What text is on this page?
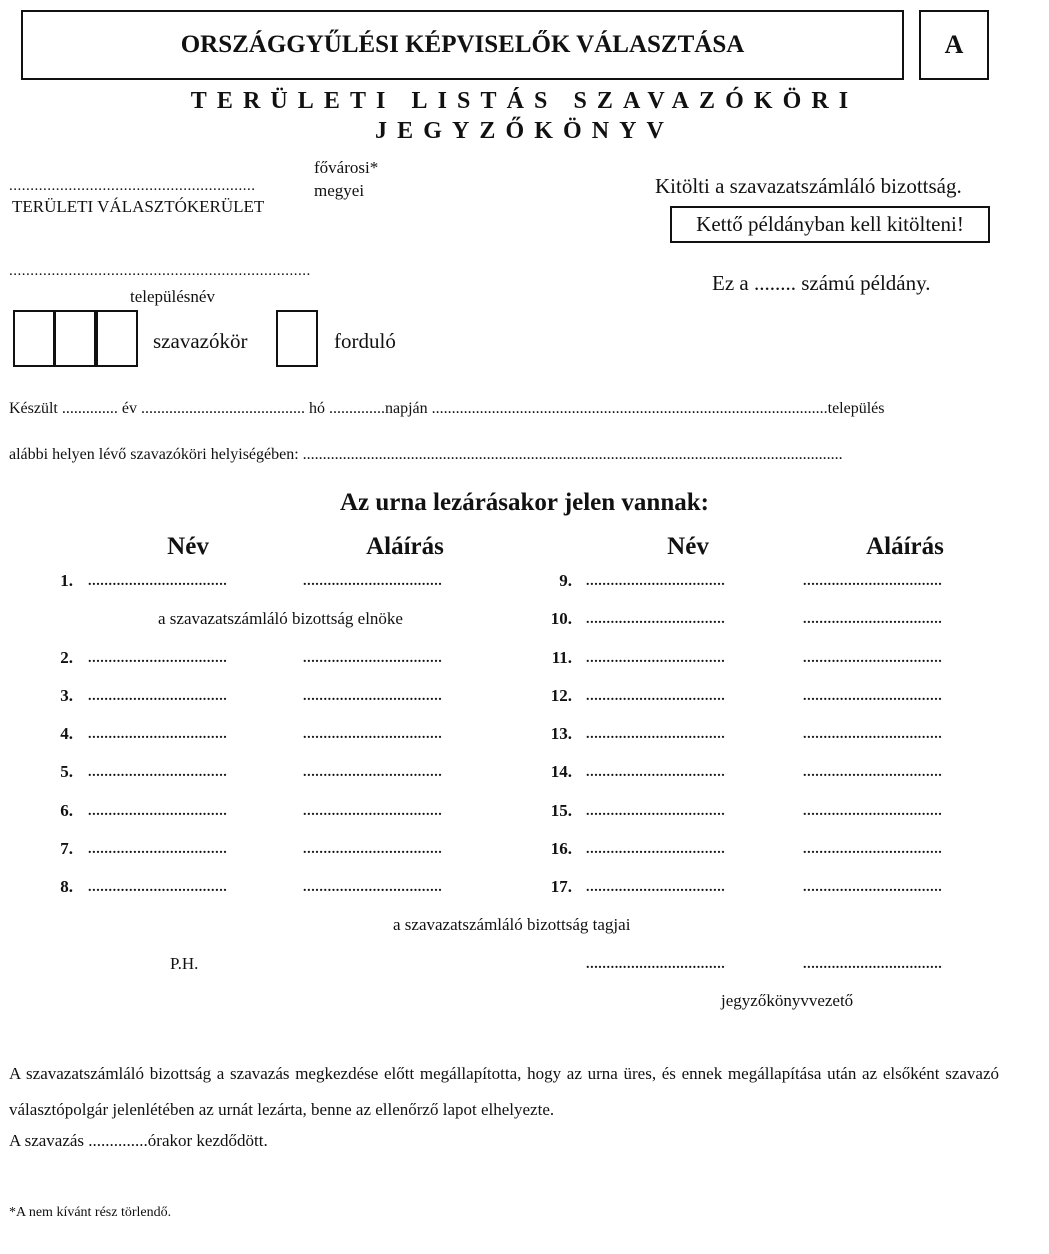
ORSZÁGGYŰLÉSI KÉPVISELŐK VÁLASZTÁSA	A
TERÜLETI LISTÁS SZAVAZÓKÖRI
JEGYZŐKÖNYV
..........................................................
fővárosi*
megyei
TERÜLETI VÁLASZTÓKERÜLET
Kitölti a szavazatszámláló bizottság.
Kettő példányban kell kitölteni!
Ez a ........ számú példány.
.......................................................................
településnév
szavazókör	forduló
Készült .............. év ......................................... hó ..............napján ...................................................................................................település
alábbi helyen lévő szavazóköri helyiségében: .......................................................................................................................................
Az urna lezárásakor jelen vannak:
Név	Aláírás	Név	Aláírás
1. ..................................	..................................
a szavazatszámláló bizottság elnöke
2. ..................................	..................................
3. ..................................	..................................
4. ..................................	..................................
5. ..................................	..................................
6. ..................................	..................................
7. ..................................	..................................
8. ..................................	..................................
9. ..................................	..................................
10. ..................................	..................................
11. ..................................	..................................
12. ..................................	..................................
13. ..................................	..................................
14. ..................................	..................................
15. ..................................	..................................
16. ..................................	..................................
17. ..................................	..................................
a szavazatszámláló bizottság tagjai
P.H.	..................................	..................................
jegyzőkönyvvezető
A szavazatszámláló bizottság a szavazás megkezdése előtt megállapította, hogy az urna üres, és ennek megállapítása után az elsőként szavazó választópolgár jelenlétében az urnát lezárta, benne az ellenőrző lapot elhelyezte.
A szavazás ..............órakor kezdődött.
*A nem kívánt rész törlendő.
